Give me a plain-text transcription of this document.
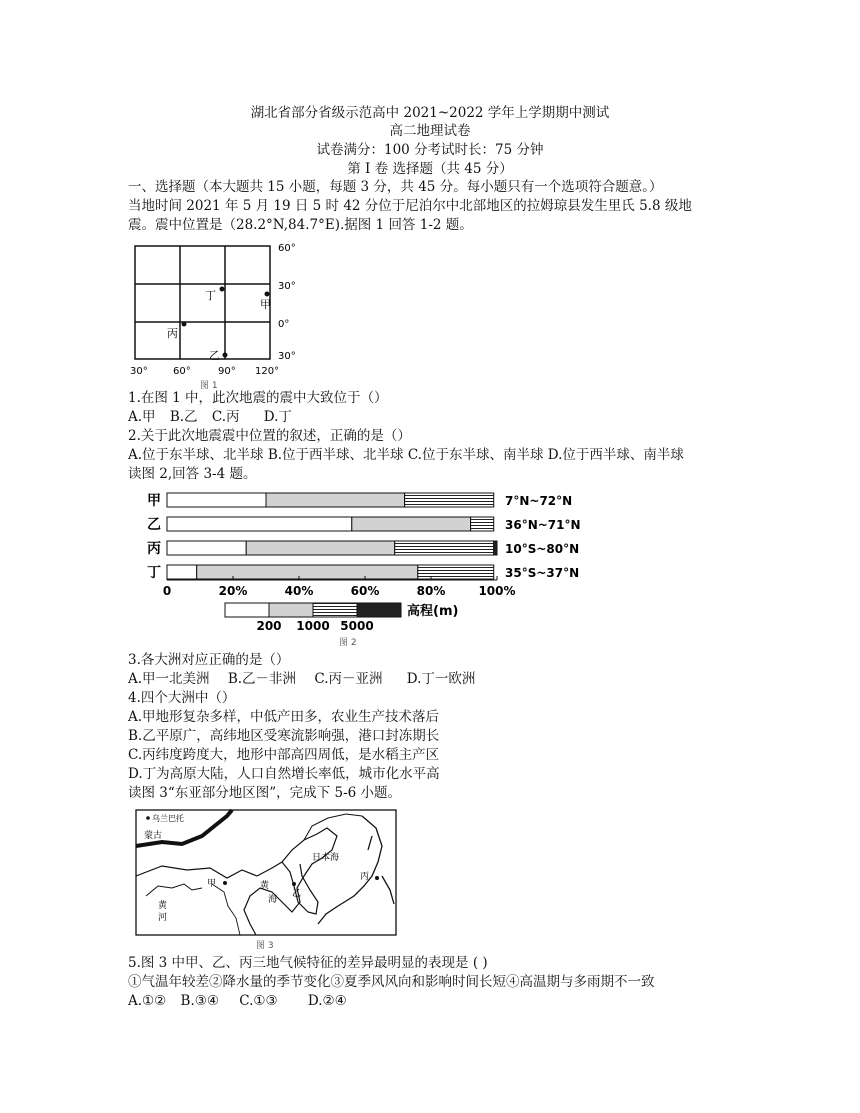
湖北省部分省级示范高中 2021~2022 学年上学期期中测试
高二地理试卷
试卷满分：100 分考试时长：75 分钟
第 I 卷 选择题（共 45 分）
一、选择题（本大题共 15 小题，每题 3 分，共 45 分。每小题只有一个选项符合题意。）
当地时间 2021 年 5 月 19 日 5 时 42 分位于尼泊尔中北部地区的拉姆琼县发生里氏 5.8 级地
震。震中位置是（28.2°N,84.7°E).据图 1 回答 1-2 题。
60°
30°
0°
30°
30°	60°	90° 120°
丁
甲
丙
乙
图 1
1.在图 1 中，此次地震的震中大致位于（）
A.甲 B.乙 C.丙 D.丁
2.关于此次地震震中位置的叙述，正确的是（）
A.位于东半球、北半球 B.位于西半球、北半球 C.位于东半球、南半球 D.位于西半球、南半球
读图 2,回答 3-4 题。
甲	7°N~72°N
乙	36°N~71°N
丙	10°S~80°N
丁	35°S~37°N
0	20%	40%	60%	80%	100%
200 1000 5000
高程(m)
图 2
3.各大洲对应正确的是（）
A.甲一北美洲 B.乙－非洲 C.丙－亚洲 D.丁一欧洲
4.四个大洲中（）
A.甲地形复杂多样，中低产田多，农业生产技术落后
B.乙平原广，高纬地区受寒流影响强，港口封冻期长
C.丙纬度跨度大，地形中部高四周低，是水稻主产区
D.丁为高原大陆，人口自然增长率低，城市化水平高
读图 3“东亚部分地区图”，完成下 5-6 小题。
乌兰巴托
蒙古
日本海
甲	黄
海
乙
丙
黄
河
图 3
5.图 3 中甲、乙、丙三地气候特征的差异最明显的表现是 ( )
①气温年较差②降水量的季节变化③夏季风风向和影响时间长短④高温期与多雨期不一致
A.①② B.③④ C.①③ D.②④
